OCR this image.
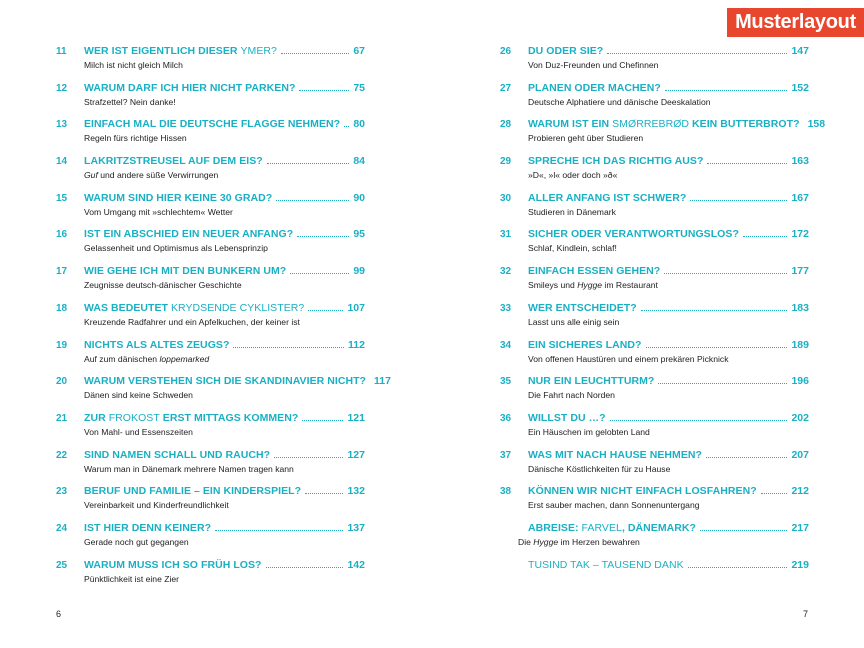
Musterlayout
11	WER IST EIGENTLICH DIESER YMER?	67
Milch ist nicht gleich Milch
12	WARUM DARF ICH HIER NICHT PARKEN?	75
Strafzettel? Nein danke!
13	EINFACH MAL DIE DEUTSCHE FLAGGE NEHMEN? 80
Regeln fürs richtige Hissen
14	LAKRITZSTREUSEL AUF DEM EIS?	84
Guf und andere süße Verwirrungen
15	WARUM SIND HIER KEINE 30 GRAD?	90
Vom Umgang mit »schlechtem« Wetter
16	IST EIN ABSCHIED EIN NEUER ANFANG?	95
Gelassenheit und Optimismus als Lebensprinzip
17	WIE GEHE ICH MIT DEN BUNKERN UM?	99
Zeugnisse deutsch-dänischer Geschichte
18	WAS BEDEUTET KRYDSENDE CYKLISTER?	107
Kreuzende Radfahrer und ein Apfelkuchen, der keiner ist
19	NICHTS ALS ALTES ZEUGS?	112
Auf zum dänischen loppemarked
20	WARUM VERSTEHEN SICH DIE SKANDINAVIER NICHT? 117
Dänen sind keine Schweden
21	ZUR FROKOST ERST MITTAGS KOMMEN?	121
Von Mahl- und Essenszeiten
22	SIND NAMEN SCHALL UND RAUCH?	127
Warum man in Dänemark mehrere Namen tragen kann
23	BERUF UND FAMILIE – EIN KINDERSPIEL?	132
Vereinbarkeit und Kinderfreundlichkeit
24	IST HIER DENN KEINER?	137
Gerade noch gut gegangen
25	WARUM MUSS ICH SO FRÜH LOS?	142
Pünktlichkeit ist eine Zier
26	DU ODER SIE?	147
Von Duz-Freunden und Chefinnen
27	PLANEN ODER MACHEN?	152
Deutsche Alphatiere und dänische Deeskalation
28	WARUM IST EIN SMØRREBRØD KEIN BUTTERBROT? 158
Probieren geht über Studieren
29	SPRECHE ICH DAS RICHTIG AUS?	163
»D«, »l« oder doch »ð«
30	ALLER ANFANG IST SCHWER?	167
Studieren in Dänemark
31	SICHER ODER VERANTWORTUNGSLOS?	172
Schlaf, Kindlein, schlaf!
32	EINFACH ESSEN GEHEN?	177
Smileys und Hygge im Restaurant
33	WER ENTSCHEIDET?	183
Lasst uns alle einig sein
34	EIN SICHERES LAND?	189
Von offenen Haustüren und einem prekären Picknick
35	NUR EIN LEUCHTTURM?	196
Die Fahrt nach Norden
36	WILLST DU …?	202
Ein Häuschen im gelobten Land
37	WAS MIT NACH HAUSE NEHMEN?	207
Dänische Köstlichkeiten für zu Hause
38	KÖNNEN WIR NICHT EINFACH LOSFAHREN?	212
Erst sauber machen, dann Sonnenuntergang
ABREISE: FARVEL, DÄNEMARK?	217
Die Hygge im Herzen bewahren
TUSIND TAK – TAUSEND DANK	219
6	7
